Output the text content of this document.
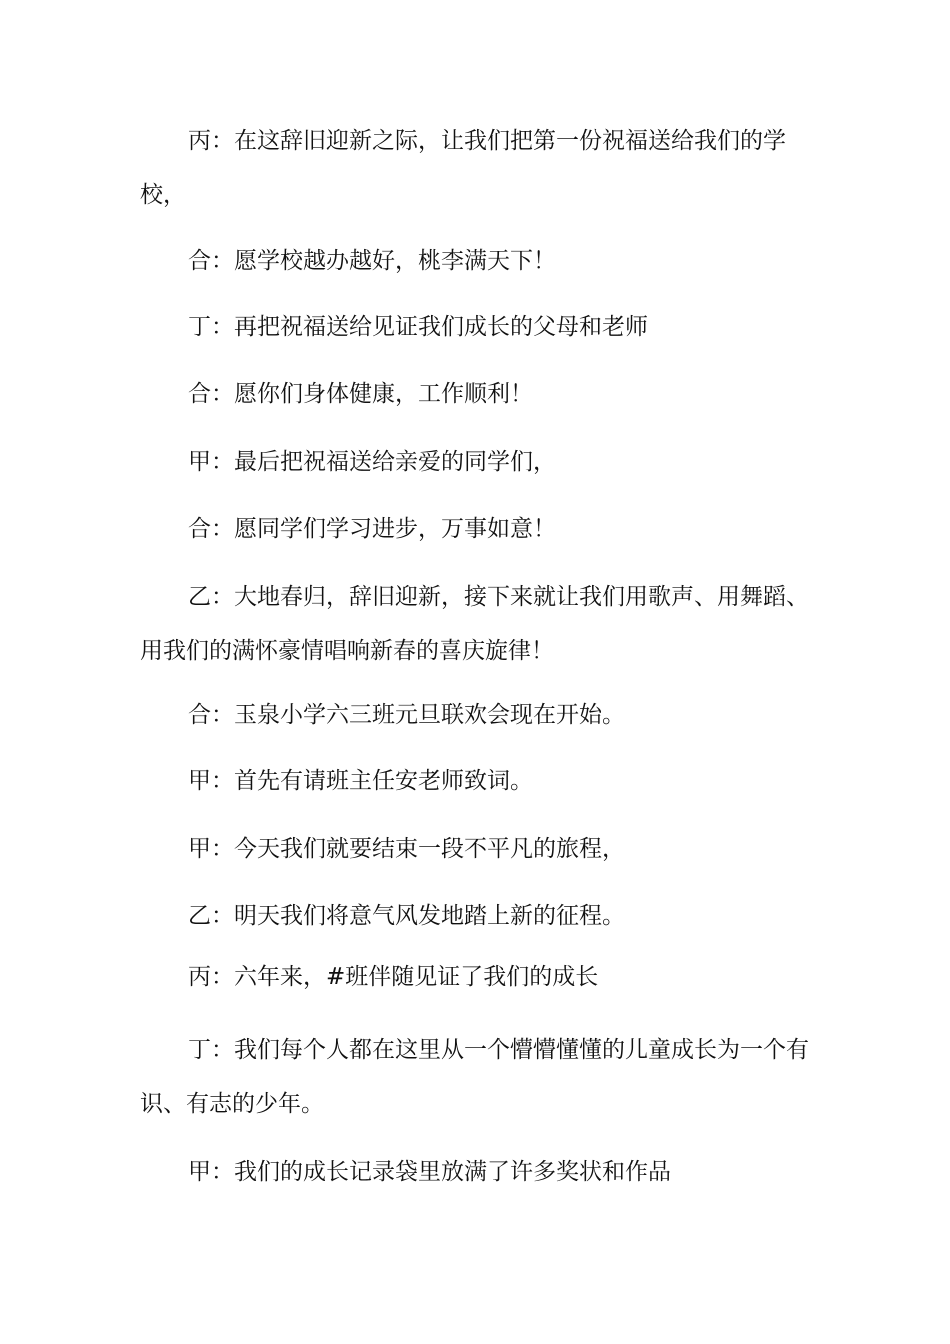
丙：在这辞旧迎新之际，让我们把第一份祝福送给我们的学校，

合：愿学校越办越好，桃李满天下！

丁：再把祝福送给见证我们成长的父母和老师

合：愿你们身体健康，工作顺利！

甲：最后把祝福送给亲爱的同学们，

合：愿同学们学习进步，万事如意！

乙：大地春归，辞旧迎新，接下来就让我们用歌声、用舞蹈、用我们的满怀豪情唱响新春的喜庆旋律！

合：玉泉小学六三班元旦联欢会现在开始。

甲：首先有请班主任安老师致词。

甲：今天我们就要结束一段不平凡的旅程，

乙：明天我们将意气风发地踏上新的征程。

丙：六年来，#班伴随见证了我们的成长

丁：我们每个人都在这里从一个懵懵懂懂的儿童成长为一个有识、有志的少年。

甲：我们的成长记录袋里放满了许多奖状和作品
